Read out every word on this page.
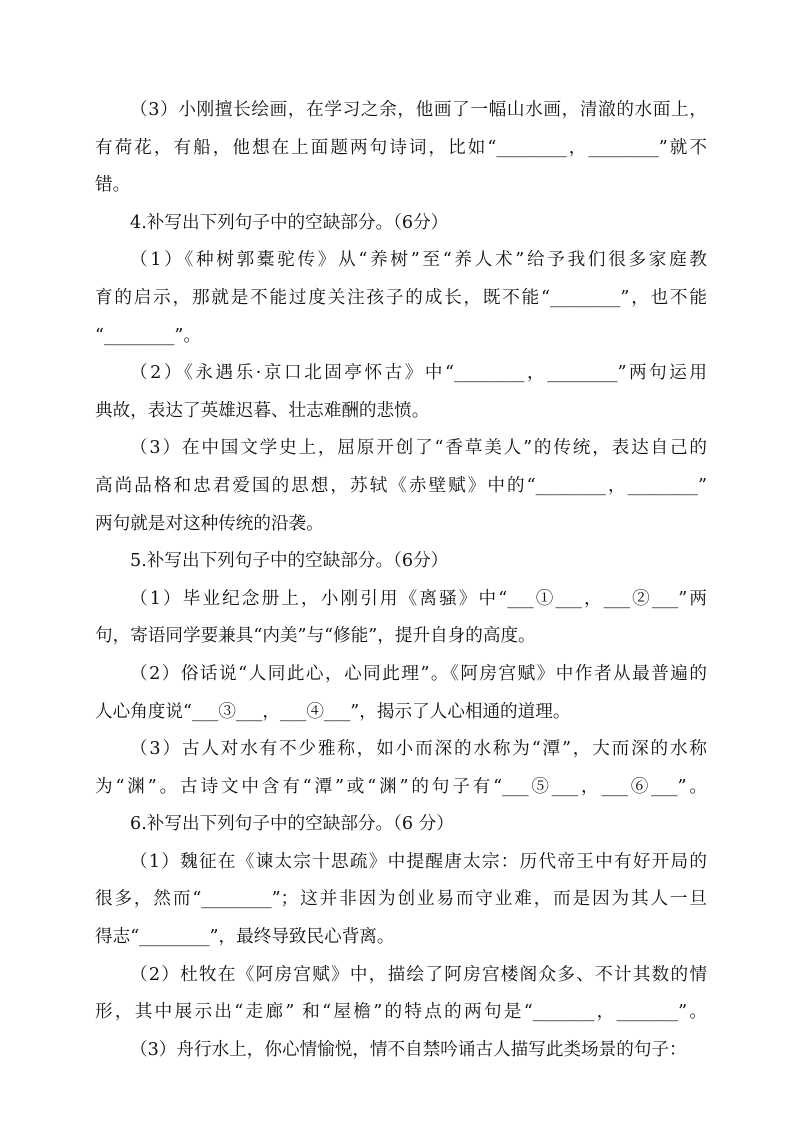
（3）小刚擅长绘画，在学习之余，他画了一幅山水画，清澈的水面上，
有荷花，有船，他想在上面题两句诗词，比如“________，________”就不
错。
4.补写出下列句子中的空缺部分。（6分）
（1）《种树郭橐驼传》从“养树”至“养人术”给予我们很多家庭教
育的启示，那就是不能过度关注孩子的成长，既不能“________”，也不能
“________”。
（2）《永遇乐·京口北固亭怀古》中“________，________”两句运用
典故，表达了英雄迟暮、壮志难酬的悲愤。
（3）在中国文学史上，屈原开创了“香草美人”的传统，表达自己的
高尚品格和忠君爱国的思想，苏轼《赤壁赋》中的“________，________”
两句就是对这种传统的沿袭。
5.补写出下列句子中的空缺部分。（6分）
（1）毕业纪念册上，小刚引用《离骚》中“___①___，___②___”两
句，寄语同学要兼具“内美”与“修能”，提升自身的高度。
（2）俗话说“人同此心，心同此理”。《阿房宫赋》中作者从最普遍的
人心角度说“___③___，___④___”，揭示了人心相通的道理。
（3）古人对水有不少雅称，如小而深的水称为“潭”，大而深的水称
为“渊”。古诗文中含有“潭”或“渊”的句子有“___⑤___，___⑥___”。
6.补写出下列句子中的空缺部分。（6 分）
（1）魏征在《谏太宗十思疏》中提醒唐太宗：历代帝王中有好开局的
很多，然而“________”；这并非因为创业易而守业难，而是因为其人一旦
得志“________”，最终导致民心背离。
（2）杜牧在《阿房宫赋》中，描绘了阿房宫楼阁众多、不计其数的情
形，其中展示出“走廊” 和“屋檐”的特点的两句是“_______，_______”。
（3）舟行水上，你心情愉悦，情不自禁吟诵古人描写此类场景的句子：
